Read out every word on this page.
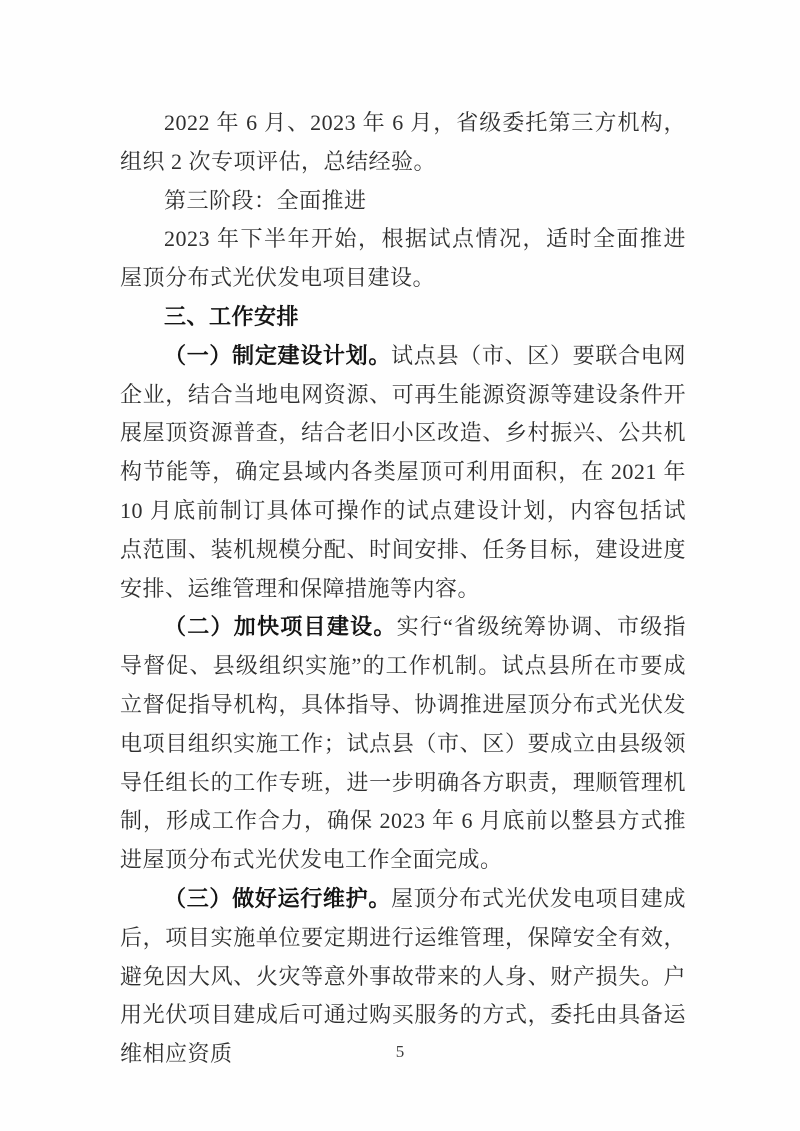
2022 年 6 月、2023 年 6 月，省级委托第三方机构，组织 2 次专项评估，总结经验。

第三阶段：全面推进

2023 年下半年开始，根据试点情况，适时全面推进屋顶分布式光伏发电项目建设。

三、工作安排

（一）制定建设计划。试点县（市、区）要联合电网企业，结合当地电网资源、可再生能源资源等建设条件开展屋顶资源普查，结合老旧小区改造、乡村振兴、公共机构节能等，确定县域内各类屋顶可利用面积，在 2021 年 10 月底前制订具体可操作的试点建设计划，内容包括试点范围、装机规模分配、时间安排、任务目标，建设进度安排、运维管理和保障措施等内容。

（二）加快项目建设。实行“省级统筹协调、市级指导督促、县级组织实施”的工作机制。试点县所在市要成立督促指导机构，具体指导、协调推进屋顶分布式光伏发电项目组织实施工作；试点县（市、区）要成立由县级领导任组长的工作专班，进一步明确各方职责，理顺管理机制，形成工作合力，确保 2023 年 6 月底前以整县方式推进屋顶分布式光伏发电工作全面完成。

（三）做好运行维护。屋顶分布式光伏发电项目建成后，项目实施单位要定期进行运维管理，保障安全有效，避免因大风、火灾等意外事故带来的人身、财产损失。户用光伏项目建成后可通过购买服务的方式，委托由具备运维相应资质	5
